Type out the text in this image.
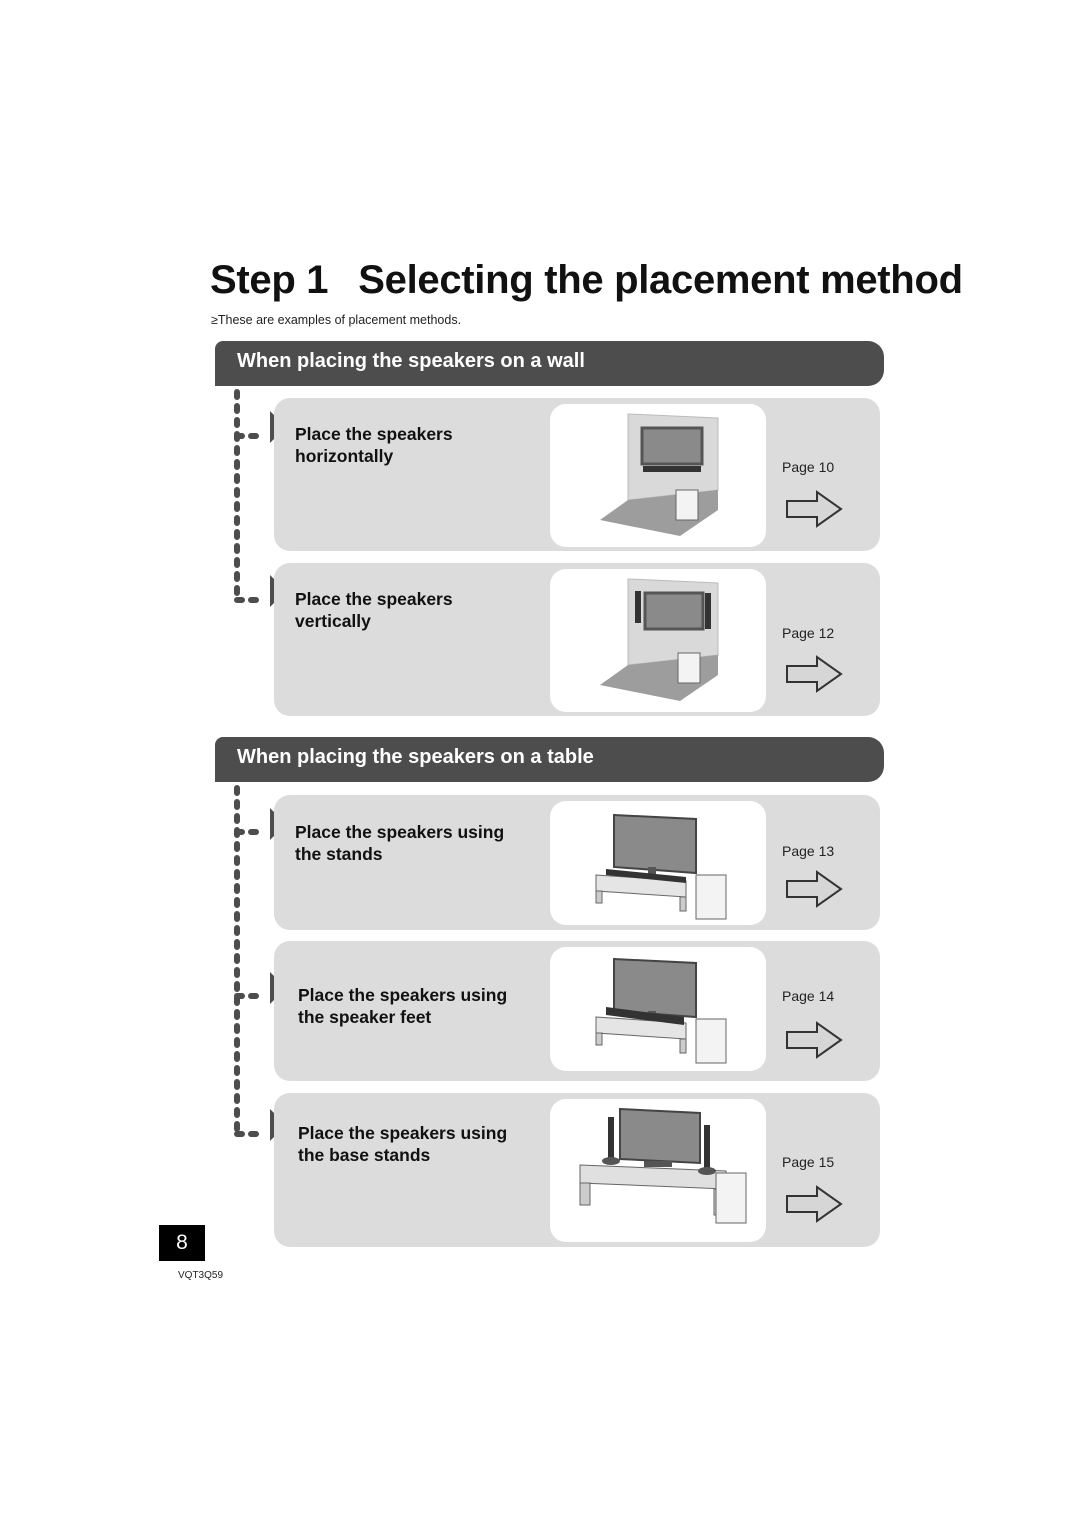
Step 1 Selecting the placement method
≥These are examples of placement methods.
When placing the speakers on a wall
Place the speakers
horizontally
Page 10
Place the speakers
vertically
Page 12
When placing the speakers on a table
Place the speakers using
the stands	Page 13
Place the speakers using
the speaker feet
Page 14
Place the speakers using
the base stands	Page 15
8
VQT3Q59
